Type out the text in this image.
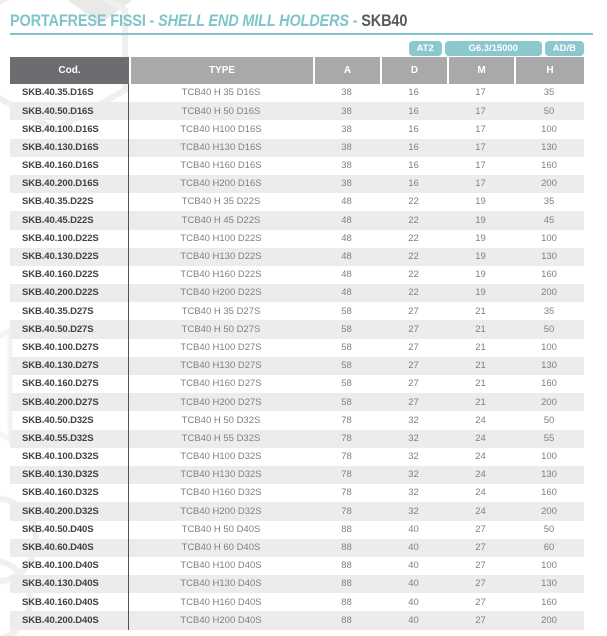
PORTAFRESE FISSI - SHELL END MILL HOLDERS - SKB40
AT2	G6.3/15000	AD/B
Cod.	TYPE	A	D	M	H
SKB.40.35.D16S	TCB40 H 35 D16S	38	16	17	35
SKB.40.50.D16S	TCB40 H 50 D16S	38	16	17	50
SKB.40.100.D16S	TCB40 H100 D16S	38	16	17	100
SKB.40.130.D16S	TCB40 H130 D16S	38	16	17	130
SKB.40.160.D16S	TCB40 H160 D16S	38	16	17	160
SKB.40.200.D16S	TCB40 H200 D16S	38	16	17	200
SKB.40.35.D22S	TCB40 H 35 D22S	48	22	19	35
SKB.40.45.D22S	TCB40 H 45 D22S	48	22	19	45
SKB.40.100.D22S	TCB40 H100 D22S	48	22	19	100
SKB.40.130.D22S	TCB40 H130 D22S	48	22	19	130
SKB.40.160.D22S	TCB40 H160 D22S	48	22	19	160
SKB.40.200.D22S	TCB40 H200 D22S	48	22	19	200
SKB.40.35.D27S	TCB40 H 35 D27S	58	27	21	35
SKB.40.50.D27S	TCB40 H 50 D27S	58	27	21	50
SKB.40.100.D27S	TCB40 H100 D27S	58	27	21	100
SKB.40.130.D27S	TCB40 H130 D27S	58	27	21	130
SKB.40.160.D27S	TCB40 H160 D27S	58	27	21	160
SKB.40.200.D27S	TCB40 H200 D27S	58	27	21	200
SKB.40.50.D32S	TCB40 H 50 D32S	78	32	24	50
SKB.40.55.D32S	TCB40 H 55 D32S	78	32	24	55
SKB.40.100.D32S	TCB40 H100 D32S	78	32	24	100
SKB.40.130.D32S	TCB40 H130 D32S	78	32	24	130
SKB.40.160.D32S	TCB40 H160 D32S	78	32	24	160
SKB.40.200.D32S	TCB40 H200 D32S	78	32	24	200
SKB.40.50.D40S	TCB40 H 50 D40S	88	40	27	50
SKB.40.60.D40S	TCB40 H 60 D40S	88	40	27	60
SKB.40.100.D40S	TCB40 H100 D40S	88	40	27	100
SKB.40.130.D40S	TCB40 H130 D40S	88	40	27	130
SKB.40.160.D40S	TCB40 H160 D40S	88	40	27	160
SKB.40.200.D40S	TCB40 H200 D40S	88	40	27	200
